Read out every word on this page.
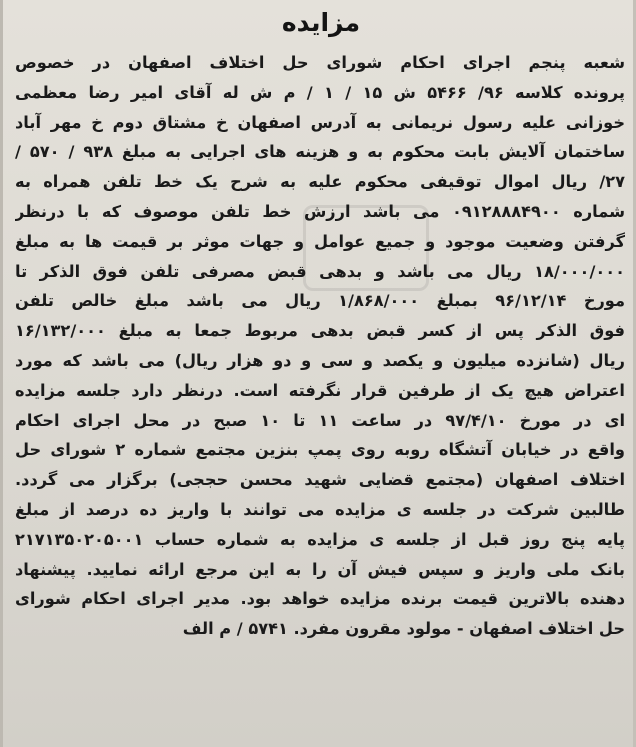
مزایده
شعبه پنجم اجرای احکام شورای حل اختلاف اصفهان در خصوص
پرونده کلاسه ۹۶/ ۵۴۶۶ ش ۱۵ / ۱ / م ش له آقای امیر رضا معظمی
خوزانی علیه رسول نریمانی به آدرس اصفهان خ مشتاق دوم خ مهر آباد
ساختمان آلایش بابت محکوم به و هزینه های اجرایی به مبلغ ۹۳۸ / ۵۷۰ /
۲۷/ ریال اموال توقیفی محکوم علیه به شرح یک خط تلفن همراه به
شماره ۰۹۱۲۸۸۸۴۹۰۰ می باشد ارزش خط تلفن موصوف که با درنظر
گرفتن وضعیت موجود و جمیع عوامل و جهات موثر بر قیمت ها به مبلغ
۱۸/۰۰۰/۰۰۰ ریال می باشد و بدهی قبض مصرفی تلفن فوق الذکر تا
مورخ ۹۶/۱۲/۱۴ بمبلغ ۱/۸۶۸/۰۰۰ ریال می باشد مبلغ خالص تلفن
فوق الذکر پس از کسر قبض بدهی مربوط جمعا به مبلغ ۱۶/۱۳۲/۰۰۰
ریال (شانزده میلیون و یکصد و سی و دو هزار ریال) می باشد که مورد
اعتراض هیچ یک از طرفین قرار نگرفته است. درنظر دارد جلسه مزایده
ای در مورخ ۹۷/۴/۱۰ در ساعت ۱۱ تا ۱۰ صبح در محل اجرای احکام
واقع در خیابان آتشگاه روبه روی پمپ بنزین مجتمع شماره ۲ شورای حل
اختلاف اصفهان (مجتمع قضایی شهید محسن حججی) برگزار می گردد.
طالبین شرکت در جلسه ی مزایده می توانند با واریز ده درصد از مبلغ
پایه پنج روز قبل از جلسه ی مزایده به شماره حساب ۲۱۷۱۳۵۰۲۰۵۰۰۱
بانک ملی واریز و سپس فیش آن را به این مرجع ارائه نمایید. پیشنهاد
دهنده بالاترین قیمت برنده مزایده خواهد بود. مدیر اجرای احکام شورای
حل اختلاف اصفهان - مولود مقرون مفرد. ۵۷۴۱ / م الف
